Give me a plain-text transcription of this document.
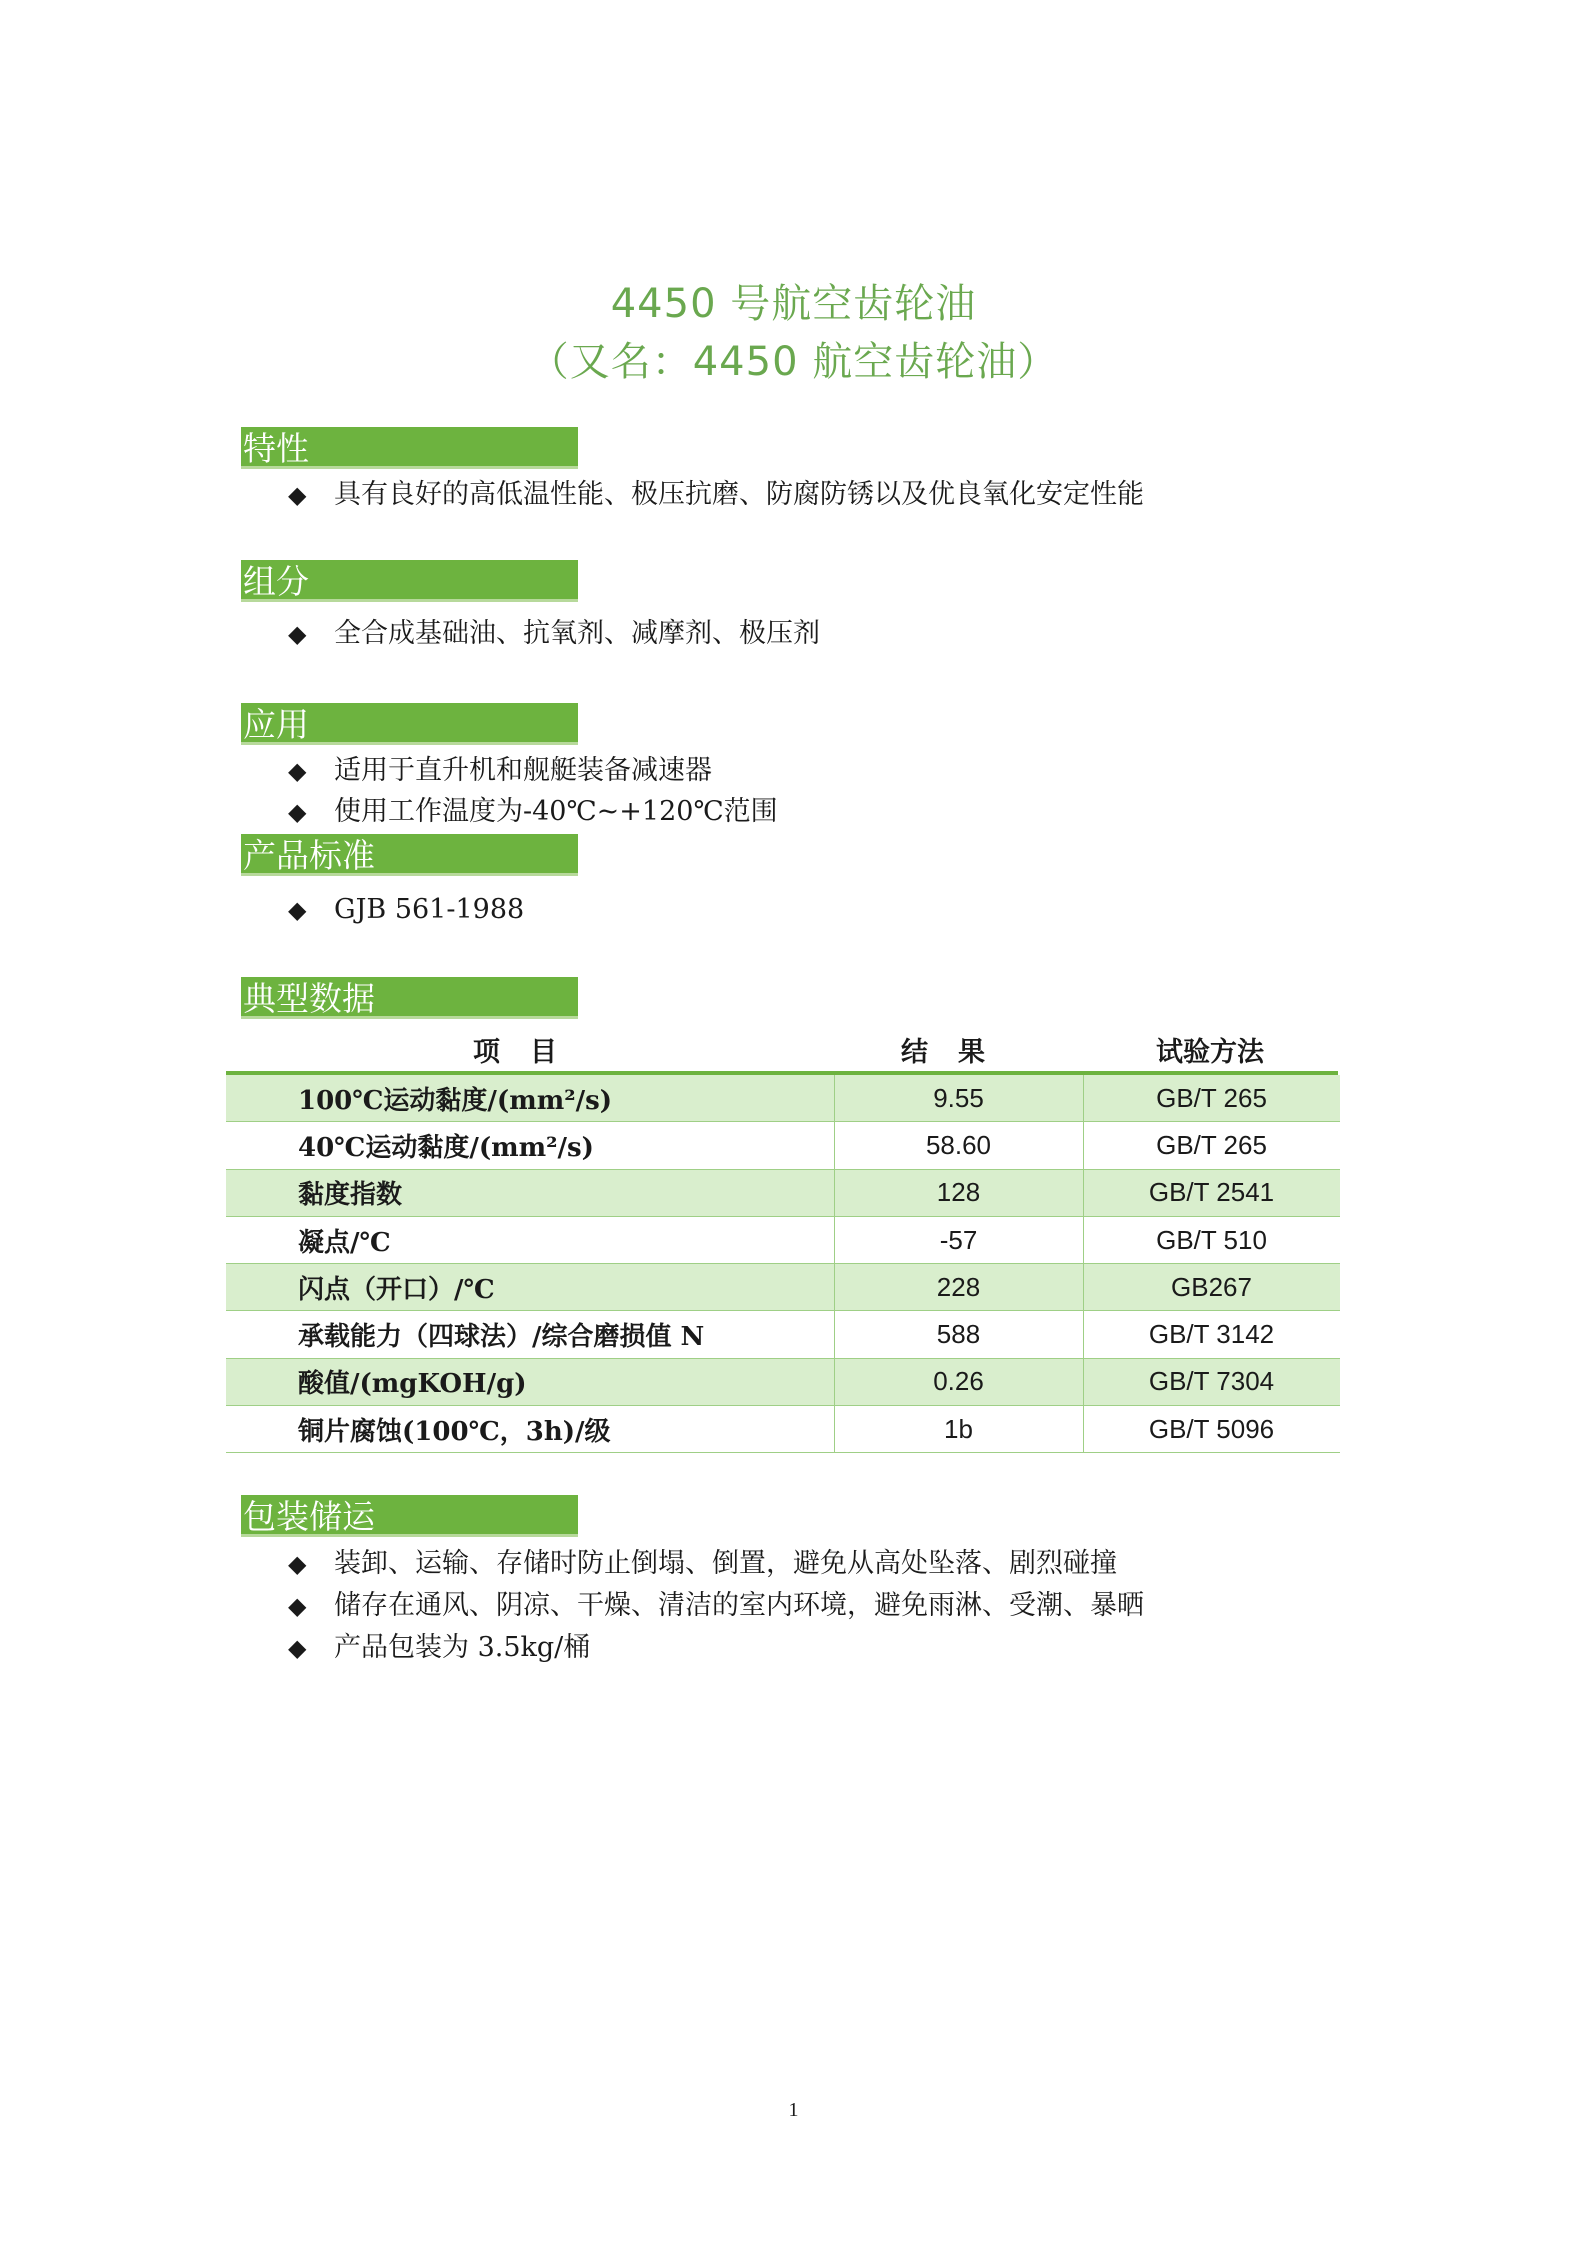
4450 号航空齿轮油
（又名：4450 航空齿轮油）
特性
◆ 具有良好的高低温性能、极压抗磨、防腐防锈以及优良氧化安定性能
组分
◆ 全合成基础油、抗氧剂、减摩剂、极压剂
应用
◆ 适用于直升机和舰艇装备减速器
◆ 使用工作温度为-40℃~+120℃范围
产品标准
◆ GJB 561-1988
典型数据
项目	结果	试验方法
100℃运动黏度/(mm²/s)	9.55	GB/T 265
40℃运动黏度/(mm²/s)	58.60	GB/T 265
黏度指数	128	GB/T 2541
凝点/℃	-57	GB/T 510
闪点（开口）/℃	228	GB267
承载能力（四球法）/综合磨损值 N	588	GB/T 3142
酸值/(mgKOH/g)	0.26	GB/T 7304
铜片腐蚀(100℃，3h)/级	1b	GB/T 5096
包装储运
◆ 装卸、运输、存储时防止倒塌、倒置，避免从高处坠落、剧烈碰撞
◆ 储存在通风、阴凉、干燥、清洁的室内环境，避免雨淋、受潮、暴晒
◆ 产品包装为 3.5kg/桶
1
